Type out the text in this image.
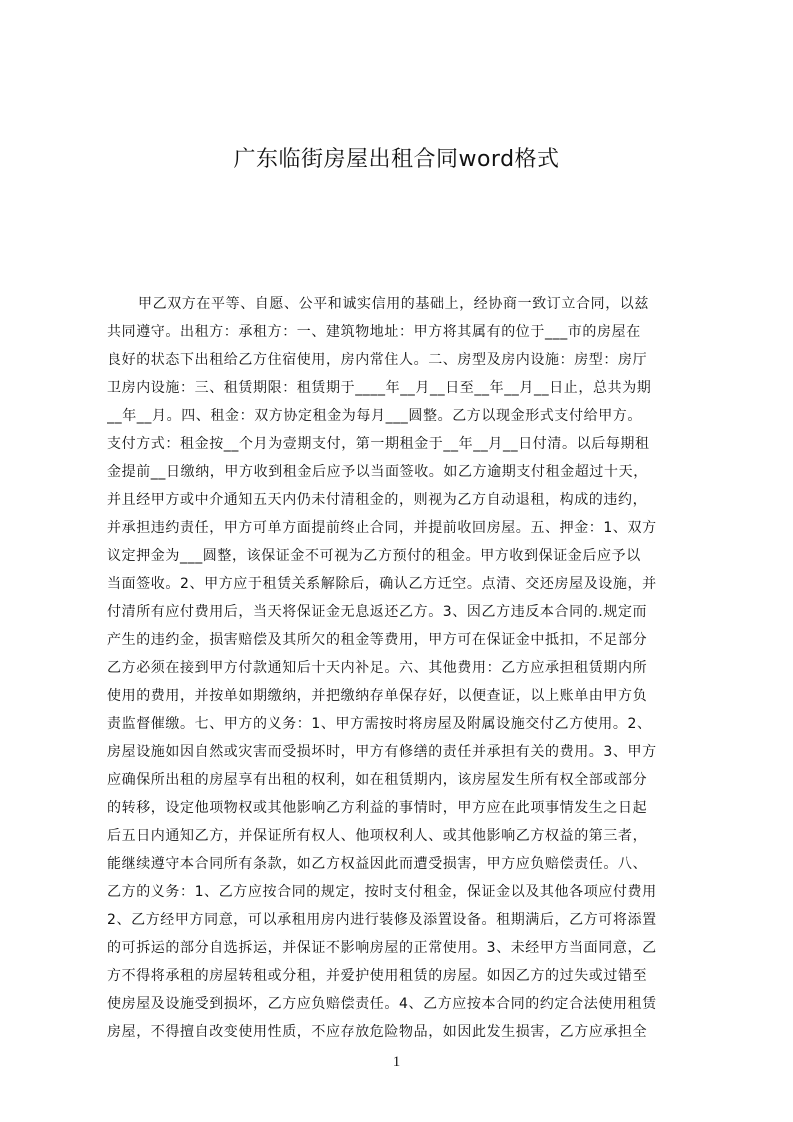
广东临街房屋出租合同word格式
甲乙双方在平等、自愿、公平和诚实信用的基础上，经协商一致订立合同，以兹
共同遵守。出租方：承租方：一、建筑物地址：甲方将其属有的位于___市的房屋在
良好的状态下出租给乙方住宿使用，房内常住人。二、房型及房内设施：房型：房厅
卫房内设施：三、租赁期限：租赁期于____年__月__日至__年__月__日止，总共为期
__年__月。四、租金：双方协定租金为每月___圆整。乙方以现金形式支付给甲方。
支付方式：租金按__个月为壹期支付，第一期租金于__年__月__日付清。以后每期租
金提前__日缴纳，甲方收到租金后应予以当面签收。如乙方逾期支付租金超过十天，
并且经甲方或中介通知五天内仍未付清租金的，则视为乙方自动退租，构成的违约，
并承担违约责任，甲方可单方面提前终止合同，并提前收回房屋。五、押金：1、双方
议定押金为___圆整，该保证金不可视为乙方预付的租金。甲方收到保证金后应予以
当面签收。2、甲方应于租赁关系解除后，确认乙方迁空。点清、交还房屋及设施，并
付清所有应付费用后，当天将保证金无息返还乙方。3、因乙方违反本合同的.规定而
产生的违约金，损害赔偿及其所欠的租金等费用，甲方可在保证金中抵扣，不足部分
乙方必须在接到甲方付款通知后十天内补足。六、其他费用：乙方应承担租赁期内所
使用的费用，并按单如期缴纳，并把缴纳存单保存好，以便查证，以上账单由甲方负
责监督催缴。七、甲方的义务：1、甲方需按时将房屋及附属设施交付乙方使用。2、
房屋设施如因自然或灾害而受损坏时，甲方有修缮的责任并承担有关的费用。3、甲方
应确保所出租的房屋享有出租的权利，如在租赁期内，该房屋发生所有权全部或部分
的转移，设定他项物权或其他影响乙方利益的事情时，甲方应在此项事情发生之日起
后五日内通知乙方，并保证所有权人、他项权利人、或其他影响乙方权益的第三者，
能继续遵守本合同所有条款，如乙方权益因此而遭受损害，甲方应负赔偿责任。八、
乙方的义务：1、乙方应按合同的规定，按时支付租金，保证金以及其他各项应付费用
2、乙方经甲方同意，可以承租用房内进行装修及添置设备。租期满后，乙方可将添置
的可拆运的部分自选拆运，并保证不影响房屋的正常使用。3、未经甲方当面同意，乙
方不得将承租的房屋转租或分租，并爱护使用租赁的房屋。如因乙方的过失或过错至
使房屋及设施受到损坏，乙方应负赔偿责任。4、乙方应按本合同的约定合法使用租赁
房屋，不得擅自改变使用性质，不应存放危险物品，如因此发生损害，乙方应承担全
1
